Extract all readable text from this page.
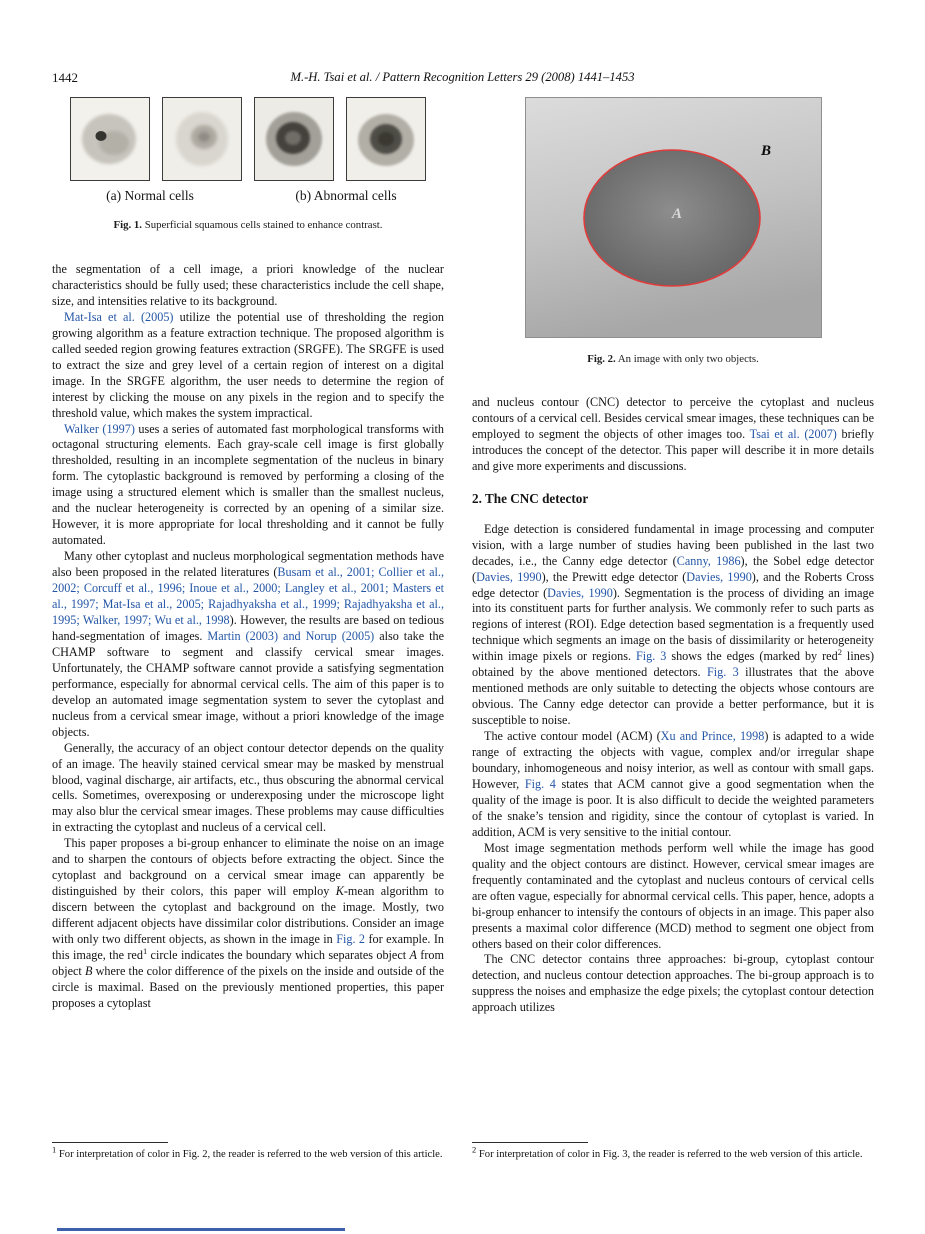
1442	M.-H. Tsai et al. / Pattern Recognition Letters 29 (2008) 1441–1453
(a) Normal cells	(b) Abnormal cells
Fig. 1. Superficial squamous cells stained to enhance contrast.
A
B
Fig. 2. An image with only two objects.

the segmentation of a cell image, a priori knowledge of the nuclear characteristics should be fully used; these characteristics include the cell shape, size, and intensities relative to its background.

Mat-Isa et al. (2005) utilize the potential use of thresholding the region growing algorithm as a feature extraction technique. The proposed algorithm is called seeded region growing features extraction (SRGFE). The SRGFE is used to extract the size and grey level of a certain region of interest on a digital image. In the SRGFE algorithm, the user needs to determine the region of interest by clicking the mouse on any pixels in the region and to specify the threshold value, which makes the system impractical.

Walker (1997) uses a series of automated fast morphological transforms with octagonal structuring elements. Each gray-scale cell image is first globally thresholded, resulting in an incomplete segmentation of the nucleus in binary form. The cytoplastic background is removed by performing a closing of the image using a structured element which is smaller than the smallest nucleus, and the nuclear heterogeneity is corrected by an opening of a similar size. However, it is more appropriate for local thresholding and it cannot be fully automated.

Many other cytoplast and nucleus morphological segmentation methods have also been proposed in the related literatures (Busam et al., 2001; Collier et al., 2002; Corcuff et al., 1996; Inoue et al., 2000; Langley et al., 2001; Masters et al., 1997; Mat-Isa et al., 2005; Rajadhyaksha et al., 1999; Rajadhyaksha et al., 1995; Walker, 1997; Wu et al., 1998). However, the results are based on tedious hand-segmentation of images. Martin (2003) and Norup (2005) also take the CHAMP software to segment and classify cervical smear images. Unfortunately, the CHAMP software cannot provide a satisfying segmentation performance, especially for abnormal cervical cells. The aim of this paper is to develop an automated image segmentation system to sever the cytoplast and nucleus from a cervical smear image, without a priori knowledge of the image objects.

Generally, the accuracy of an object contour detector depends on the quality of an image. The heavily stained cervical smear may be masked by menstrual blood, vaginal discharge, air artifacts, etc., thus obscuring the abnormal cervical cells. Sometimes, overexposing or underexposing under the microscope light may also blur the cervical smear images. These problems may cause difficulties in extracting the cytoplast and nucleus of a cervical cell.

This paper proposes a bi-group enhancer to eliminate the noise on an image and to sharpen the contours of objects before extracting the object. Since the cytoplast and background on a cervical smear image can apparently be distinguished by their colors, this paper will employ K-mean algorithm to discern between the cytoplast and background on the image. Mostly, two different adjacent objects have dissimilar color distributions. Consider an image with only two different objects, as shown in the image in Fig. 2 for example. In this image, the red$^1$ circle indicates the boundary which separates object A from object B where the color difference of the pixels on the inside and outside of the circle is maximal. Based on the previously mentioned properties, this paper proposes a cytoplast

and nucleus contour (CNC) detector to perceive the cytoplast and nucleus contours of a cervical cell. Besides cervical smear images, these techniques can be employed to segment the objects of other images too. Tsai et al. (2007) briefly introduces the concept of the detector. This paper will describe it in more details and give more experiments and discussions.

2. The CNC detector

Edge detection is considered fundamental in image processing and computer vision, with a large number of studies having been published in the last two decades, i.e., the Canny edge detector (Canny, 1986), the Sobel edge detector (Davies, 1990), the Prewitt edge detector (Davies, 1990), and the Roberts Cross edge detector (Davies, 1990). Segmentation is the process of dividing an image into its constituent parts for further analysis. We commonly refer to such parts as regions of interest (ROI). Edge detection based segmentation is a frequently used technique which segments an image on the basis of dissimilarity or heterogeneity within image pixels or regions. Fig. 3 shows the edges (marked by red$^2$ lines) obtained by the above mentioned detectors. Fig. 3 illustrates that the above mentioned methods are only suitable to detecting the objects whose contours are obvious. The Canny edge detector can provide a better performance, but it is susceptible to noise.

The active contour model (ACM) (Xu and Prince, 1998) is adapted to a wide range of extracting the objects with vague, complex and/or irregular shape boundary, inhomogeneous and noisy interior, as well as contour with small gaps. However, Fig. 4 states that ACM cannot give a good segmentation when the quality of the image is poor. It is also difficult to decide the weighted parameters of the snake’s tension and rigidity, since the contour of cytoplast is varied. In addition, ACM is very sensitive to the initial contour.

Most image segmentation methods perform well while the image has good quality and the object contours are distinct. However, cervical smear images are frequently contaminated and the cytoplast and nucleus contours of cervical cells are often vague, especially for abnormal cervical cells. This paper, hence, adopts a bi-group enhancer to intensify the contours of objects in an image. This paper also presents a maximal color difference (MCD) method to segment one object from others based on their color differences.

The CNC detector contains three approaches: bi-group, cytoplast contour detection, and nucleus contour detection approaches. The bi-group approach is to suppress the noises and emphasize the edge pixels; the cytoplast contour detection approach utilizes

$^1$ For interpretation of color in Fig. 2, the reader is referred to the web version of this article.	$^2$ For interpretation of color in Fig. 3, the reader is referred to the web version of this article.
